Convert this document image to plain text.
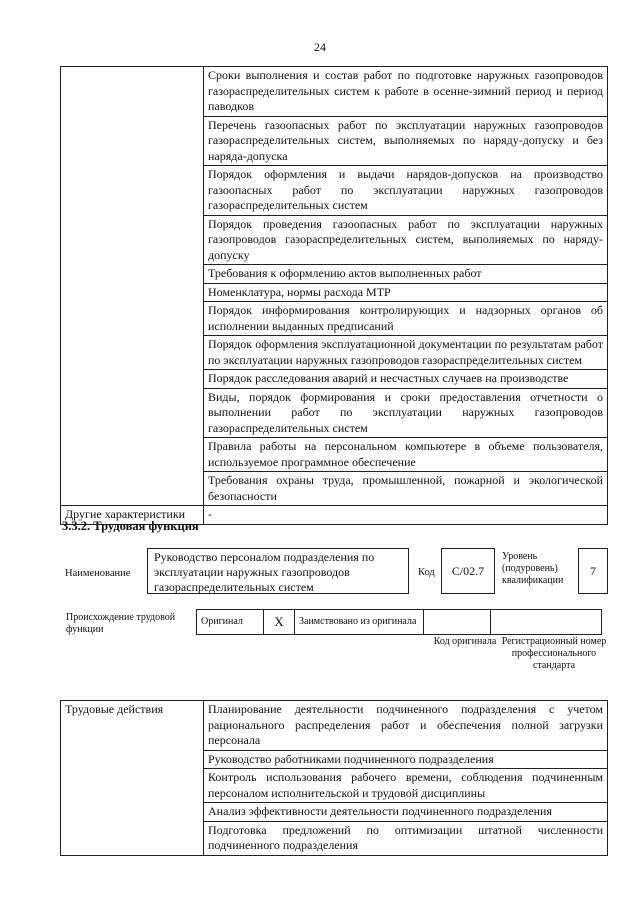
24
	Сроки выполнения и состав работ по подготовке наружных газопроводов газораспределительных систем к работе в осенне-зимний период и период паводков
	Перечень газоопасных работ по эксплуатации наружных газопроводов газораспределительных систем, выполняемых по наряду-допуску и без наряда-допуска
	Порядок оформления и выдачи нарядов-допусков на производство газоопасных работ по эксплуатации наружных газопроводов газораспределительных систем
	Порядок проведения газоопасных работ по эксплуатации наружных газопроводов газораспределительных систем, выполняемых по наряду-допуску
	Требования к оформлению актов выполненных работ
	Номенклатура, нормы расхода МТР
	Порядок информирования контролирующих и надзорных органов об исполнении выданных предписаний
	Порядок оформления эксплуатационной документации по результатам работ по эксплуатации наружных газопроводов газораспределительных систем
	Порядок расследования аварий и несчастных случаев на производстве
	Виды, порядок формирования и сроки предоставления отчетности о выполнении работ по эксплуатации наружных газопроводов газораспределительных систем
	Правила работы на персональном компьютере в объеме пользователя, используемое программное обеспечение
	Требования охраны труда, промышленной, пожарной и экологической безопасности
Другие характеристики	-
3.3.2. Трудовая функция
Наименование
Руководство персоналом подразделения по эксплуатации наружных газопроводов газораспределительных систем
Код	С/02.7
Уровень (подуровень) квалификации
7
Происхождение трудовой функции
Оригинал	X	Заимствовано из оригинала		
Код оригинала Регистрационный номер профессионального стандарта
Трудовые действия	Планирование деятельности подчиненного подразделения с учетом рационального распределения работ и обеспечения полной загрузки персонала
Руководство работниками подчиненного подразделения
Контроль использования рабочего времени, соблюдения подчиненным персоналом исполнительской и трудовой дисциплины
Анализ эффективности деятельности подчиненного подразделения
Подготовка предложений по оптимизации штатной численности подчиненного подразделения
